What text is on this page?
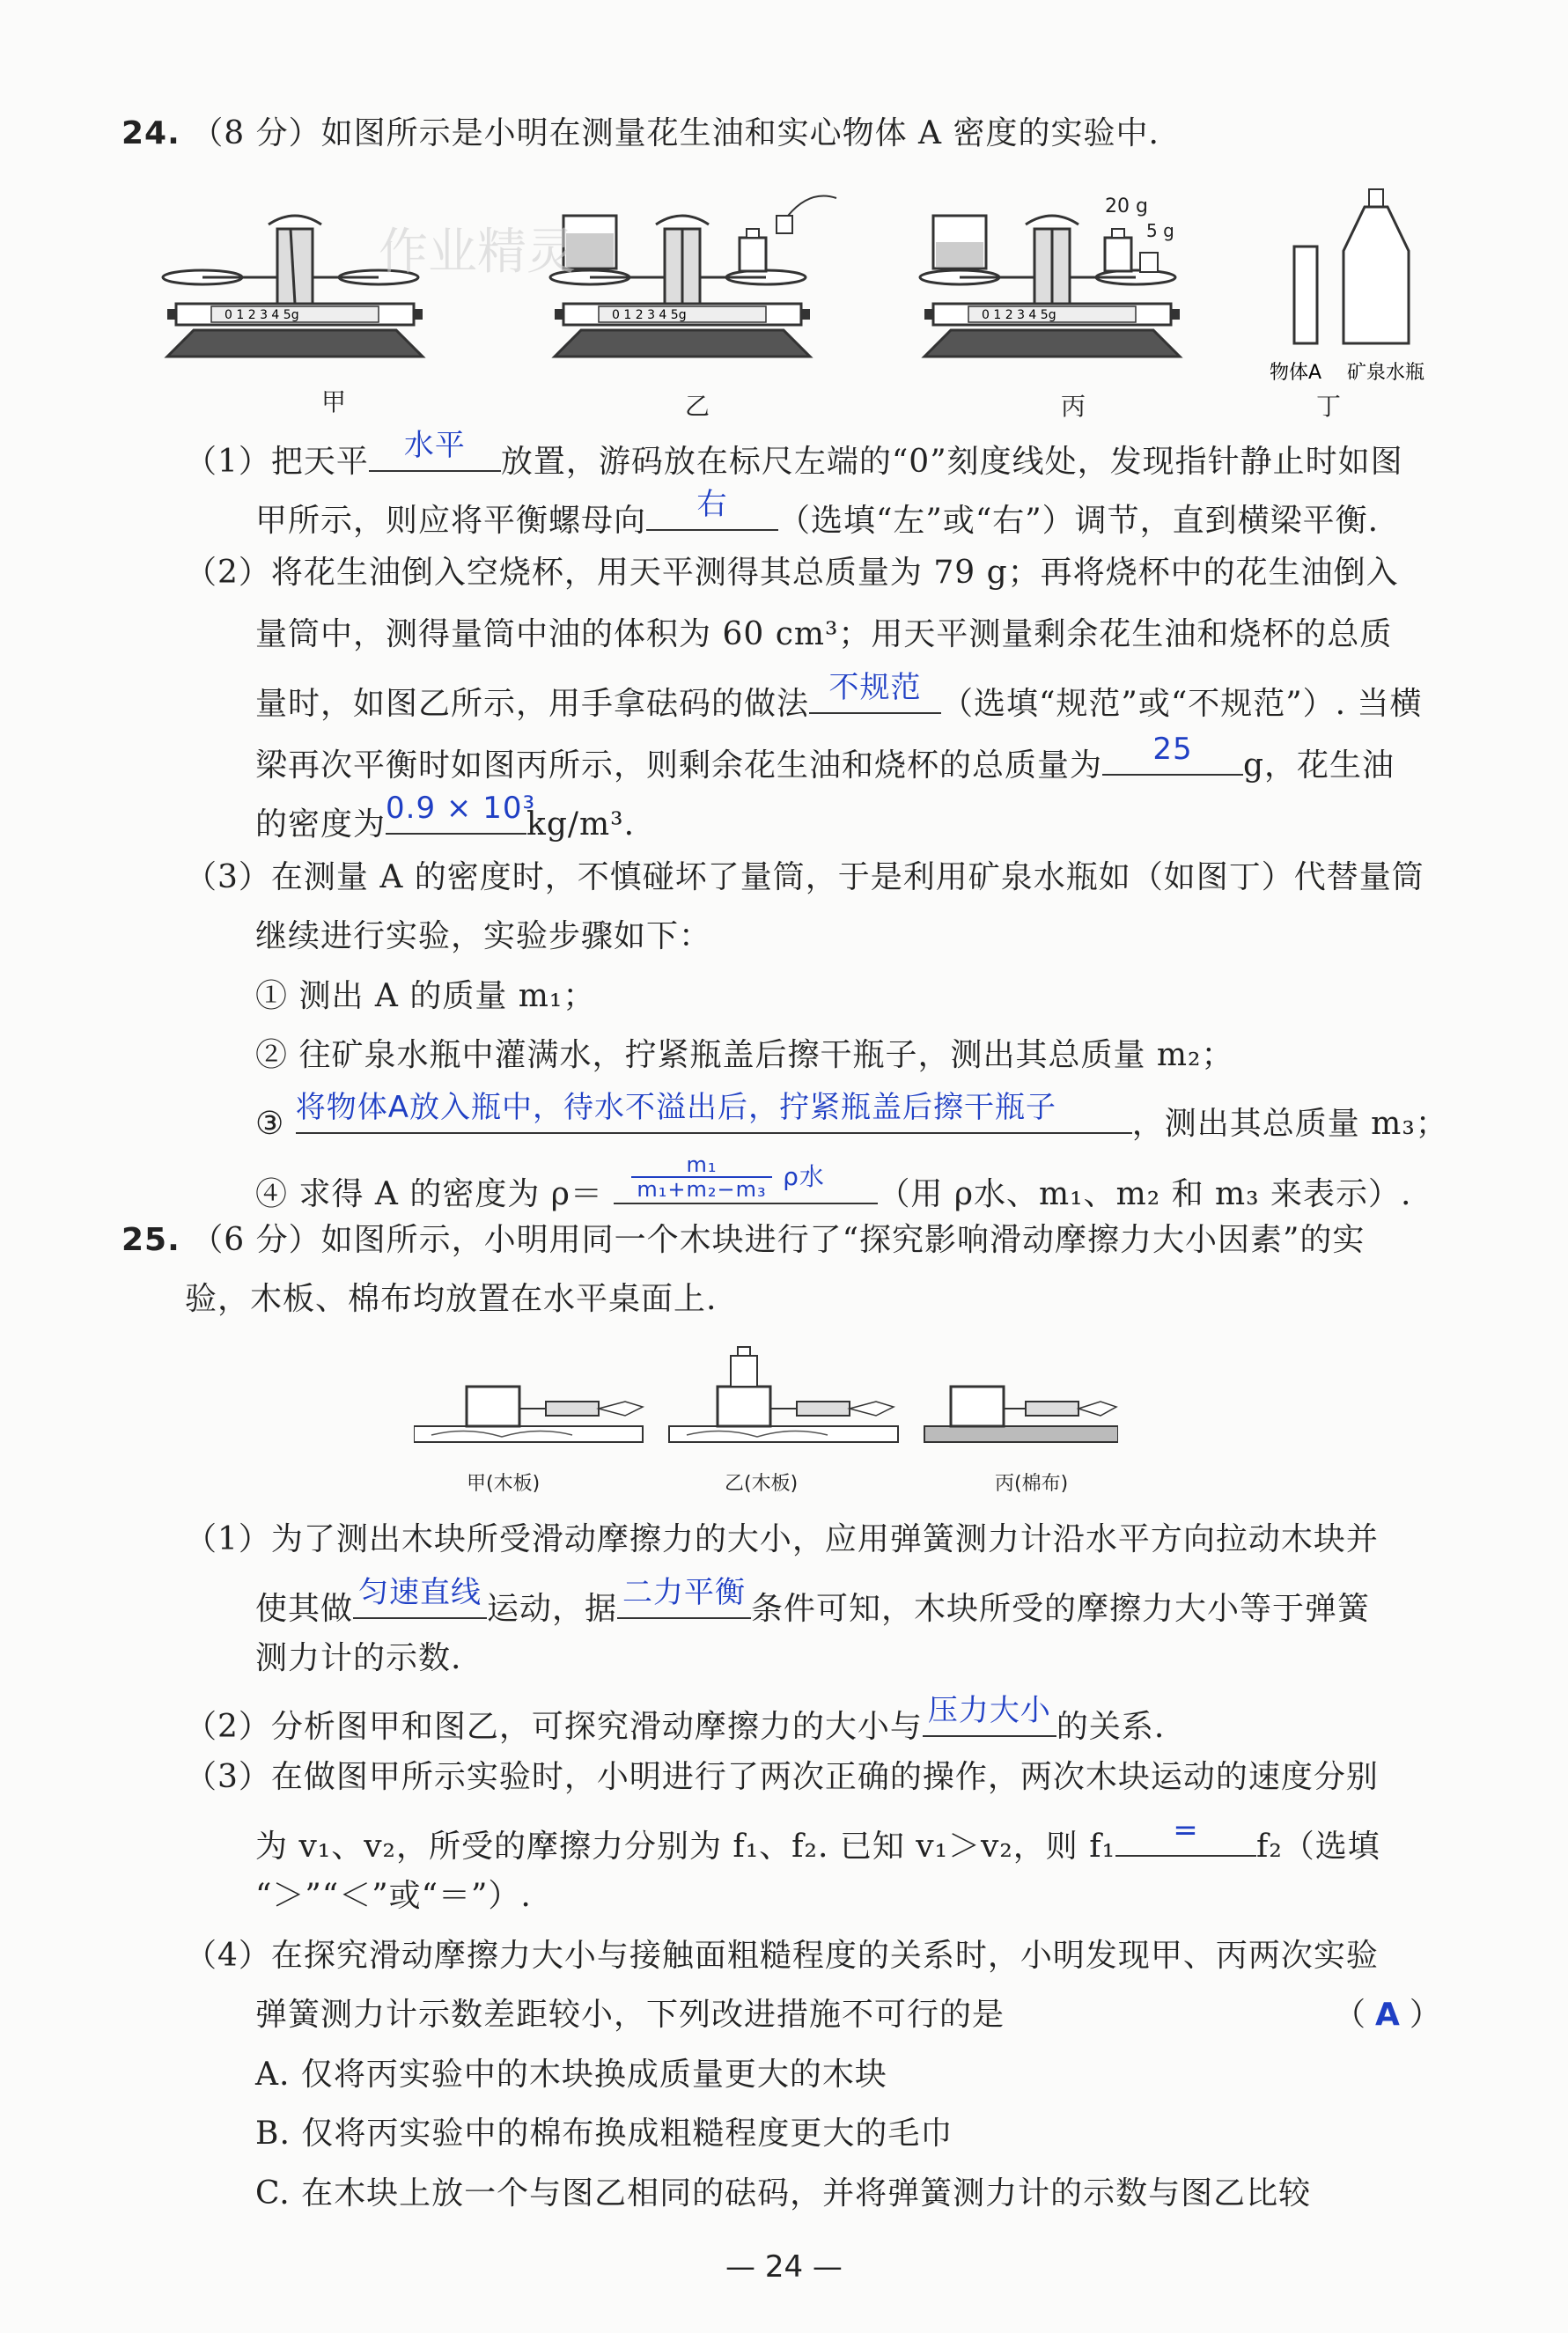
24. （8 分）如图所示是小明在测量花生油和实心物体 A 密度的实验中.
0 1 2 3 4 5g	0 1 2 3 4 5g
20 g
5 g
0 1 2 3 4 5g
物体A 矿泉水瓶
作业精灵
甲	乙	丙	丁
（1）把天平	水平	放置，游码放在标尺左端的“0”刻度线处，发现指针静止时如图
甲所示，则应将平衡螺母向	右	（选填“左”或“右”）调节，直到横梁平衡.
（2）将花生油倒入空烧杯，用天平测得其总质量为 79 g；再将烧杯中的花生油倒入
量筒中，测得量筒中油的体积为 60 cm³；用天平测量剩余花生油和烧杯的总质
量时，如图乙所示，用手拿砝码的做法 不规范 （选填“规范”或“不规范”）. 当横
梁再次平衡时如图丙所示，则剩余花生油和烧杯的总质量为	25	g，花生油
的密度为 0.9 × 10³
kg/m³.
（3）在测量 A 的密度时，不慎碰坏了量筒，于是利用矿泉水瓶如（如图丁）代替量筒
继续进行实验，实验步骤如下：
① 测出 A 的质量 m₁；
② 往矿泉水瓶中灌满水，拧紧瓶盖后擦干瓶子，测出其总质量 m₂；
③ 将物体A放入瓶中，待水不溢出后，拧紧瓶盖后擦干瓶子	，测出其总质量 m₃；
④ 求得 A 的密度为 $\rho= \frac{\text{m₁}}{\text{m₁+m₂−m₃}}$ ρ水 （用 ρ水、m₁、m₂ 和 m₃ 来表示）.
25. （6 分）如图所示，小明用同一个木块进行了“探究影响滑动摩擦力大小因素”的实
验，木板、棉布均放置在水平桌面上.
甲(木板)	乙(木板)	丙(棉布)
（1）为了测出木块所受滑动摩擦力的大小，应用弹簧测力计沿水平方向拉动木块并
使其做 匀速直线 运动，据 二力平衡 条件可知，木块所受的摩擦力大小等于弹簧
测力计的示数.
（2）分析图甲和图乙，可探究滑动摩擦力的大小与 压力大小 的关系.
（3）在做图甲所示实验时，小明进行了两次正确的操作，两次木块运动的速度分别
为 v₁、v₂，所受的摩擦力分别为 f₁、f₂. 已知 v₁＞v₂，则 f₁	=	f₂（选填
“＞”“＜”或“＝”）.
（4）在探究滑动摩擦力大小与接触面粗糙程度的关系时，小明发现甲、丙两次实验
弹簧测力计示数差距较小，下列改进措施不可行的是	（ A ）
A. 仅将丙实验中的木块换成质量更大的木块
B. 仅将丙实验中的棉布换成粗糙程度更大的毛巾
C. 在木块上放一个与图乙相同的砝码，并将弹簧测力计的示数与图乙比较
— 24 —
